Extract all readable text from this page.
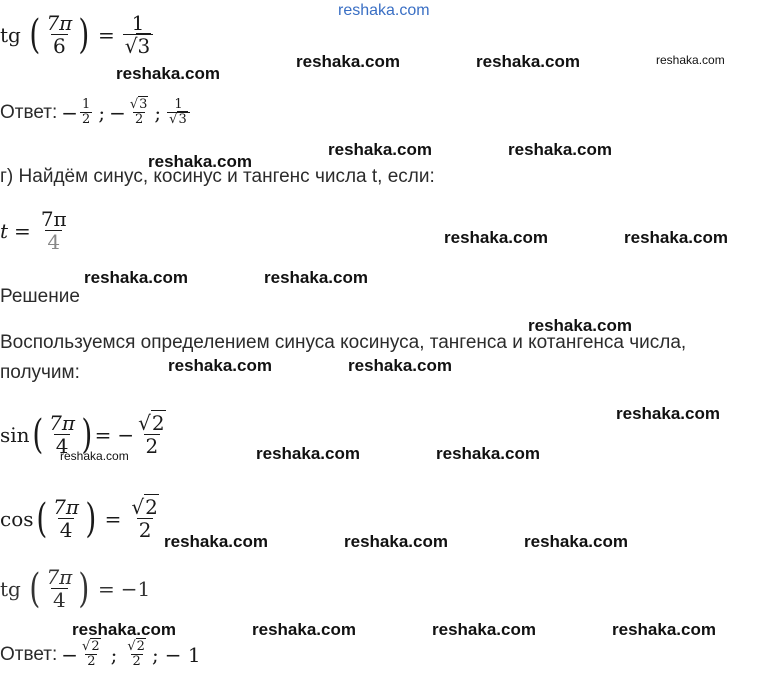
reshaka.com
reshaka.com
reshaka.com	reshaka.com	reshaka.com
reshaka.com
reshaka.com	reshaka.com
reshaka.com	reshaka.com
reshaka.com	reshaka.com
reshaka.com
reshaka.com	reshaka.com
reshaka.com
reshaka.com	reshaka.com	reshaka.com
reshaka.com	reshaka.com	reshaka.com
reshaka.com	reshaka.com	reshaka.com	reshaka.com
tg ( $\frac{7\pi}{6}$ ) = $\frac{1}{√3}$
Ответ: − $\frac{1}{2}$ ; − $\frac{√3}{2}$ ; $\frac{1}{√3}$
г) Найдём синус, косинус и тангенс числа t, если:
$t = \frac{7\pi}{4}$
Решение
Воспользуемся определением синуса косинуса, тангенса и котангенса числа,
получим:
sin ( $\frac{7\pi}{4}$ ) = − $\frac{√2}{2}$
cos ( $\frac{7\pi}{4}$ ) = $\frac{√2}{2}$
tg ( $\frac{7\pi}{4}$ ) = −1
Ответ: − $\frac{√2}{2}$ ; $\frac{√2}{2}$ ; − 1
